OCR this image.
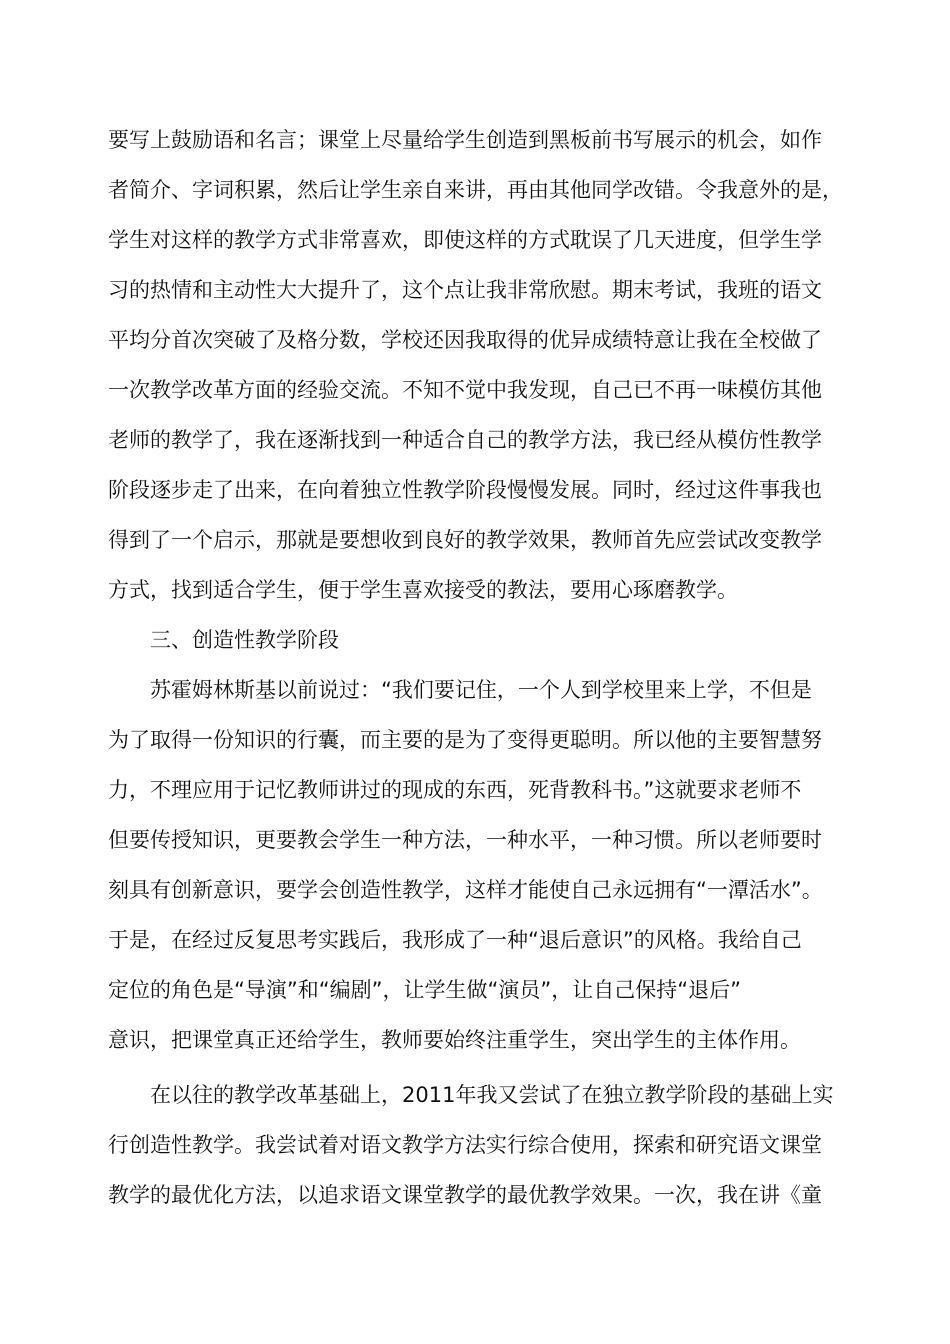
要写上鼓励语和名言；课堂上尽量给学生创造到黑板前书写展示的机会，如作
者简介、字词积累，然后让学生亲自来讲，再由其他同学改错。令我意外的是，
学生对这样的教学方式非常喜欢，即使这样的方式耽误了几天进度，但学生学
习的热情和主动性大大提升了，这个点让我非常欣慰。期末考试，我班的语文
平均分首次突破了及格分数，学校还因我取得的优异成绩特意让我在全校做了
一次教学改革方面的经验交流。不知不觉中我发现，自己已不再一味模仿其他
老师的教学了，我在逐渐找到一种适合自己的教学方法，我已经从模仿性教学
阶段逐步走了出来，在向着独立性教学阶段慢慢发展。同时，经过这件事我也
得到了一个启示，那就是要想收到良好的教学效果，教师首先应尝试改变教学
方式，找到适合学生，便于学生喜欢接受的教法，要用心琢磨教学。
三、创造性教学阶段
苏霍姆林斯基以前说过：“我们要记住，一个人到学校里来上学，不但是
为了取得一份知识的行囊，而主要的是为了变得更聪明。所以他的主要智慧努
力，不理应用于记忆教师讲过的现成的东西，死背教科书。”这就要求老师不
但要传授知识，更要教会学生一种方法，一种水平，一种习惯。所以老师要时
刻具有创新意识，要学会创造性教学，这样才能使自己永远拥有“一潭活水”。
于是，在经过反复思考实践后，我形成了一种“退后意识”的风格。我给自己
定位的角色是“导演”和“编剧”，让学生做“演员”，让自己保持“退后”
意识，把课堂真正还给学生，教师要始终注重学生，突出学生的主体作用。
在以往的教学改革基础上，2011年我又尝试了在独立教学阶段的基础上实
行创造性教学。我尝试着对语文教学方法实行综合使用，探索和研究语文课堂
教学的最优化方法，以追求语文课堂教学的最优教学效果。一次，我在讲《童
